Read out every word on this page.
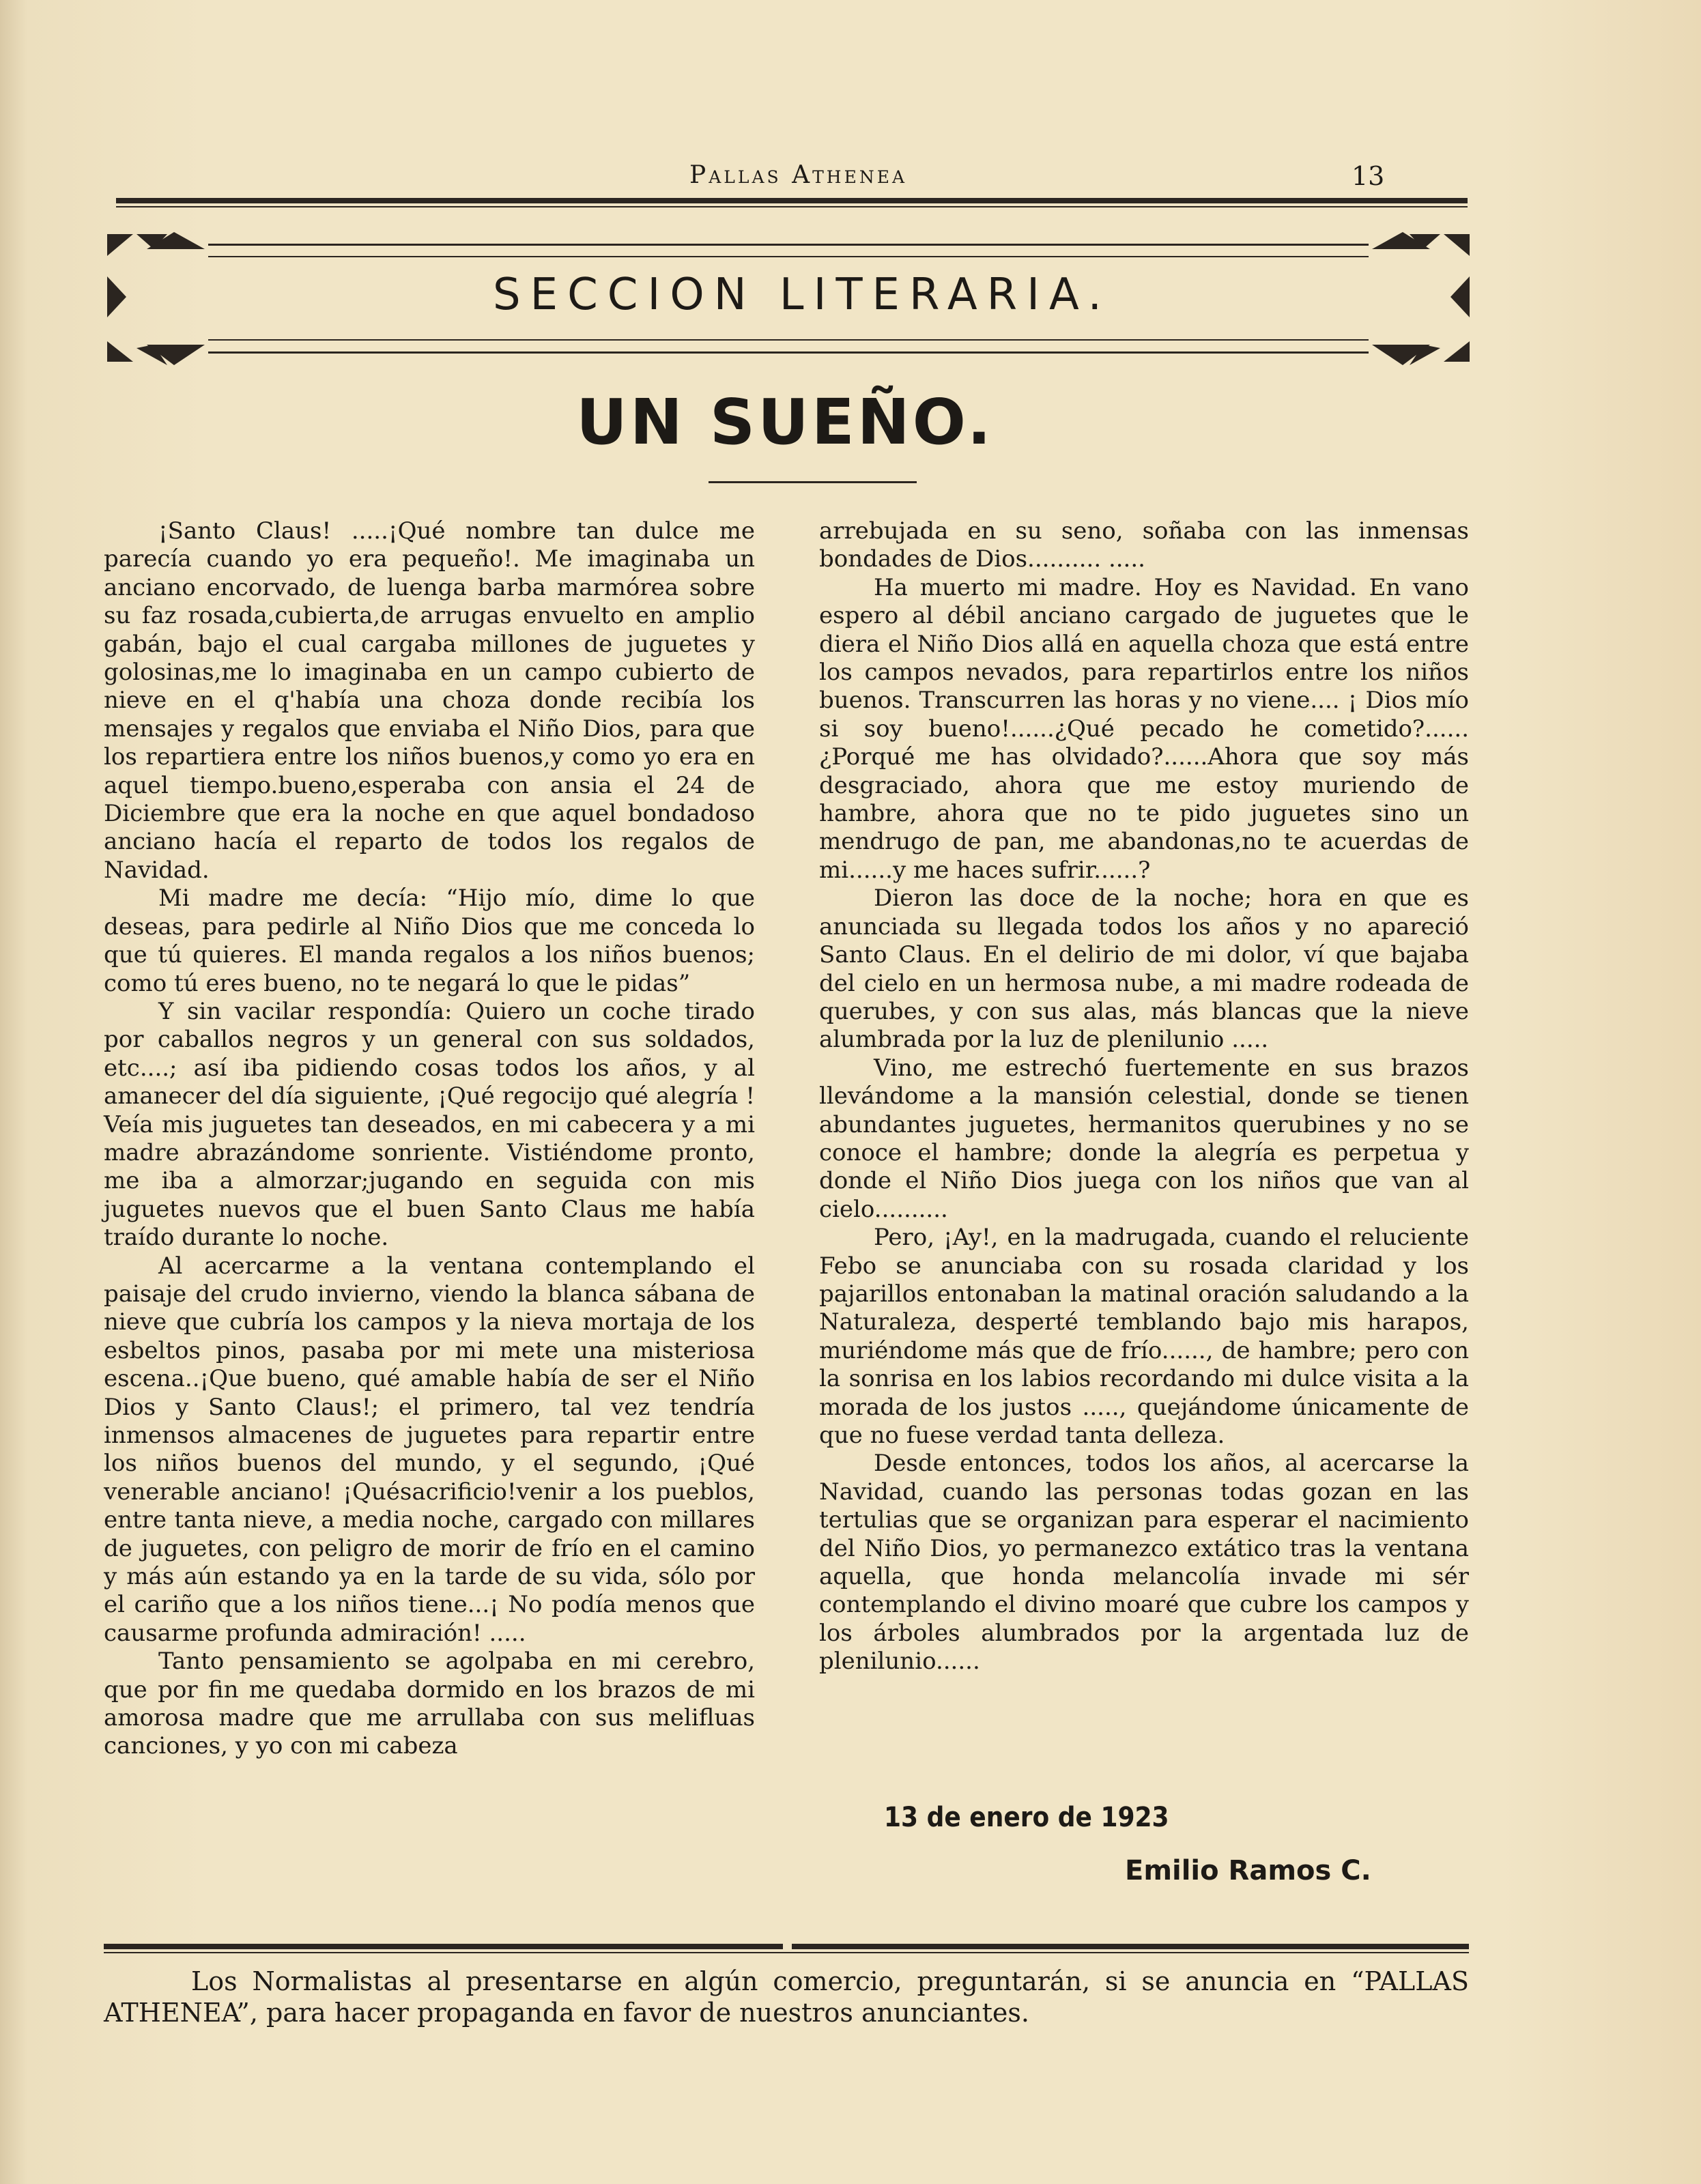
Pallas Athenea	13
SECCION LITERARIA.
UN SUEÑO.

¡Santo Claus! .....¡Qué nombre tan dulce me parecía cuando yo era pequeño!. Me imaginaba un anciano encorvado, de luenga barba marmórea sobre su faz rosada,cubierta,de arrugas envuelto en amplio gabán, bajo el cual cargaba millones de juguetes y golosinas,me lo imaginaba en un campo cubierto de nieve en el q'había una choza donde recibía los mensajes y regalos que enviaba el Niño Dios, para que los repartiera entre los niños buenos,y como yo era en aquel tiempo.bueno,esperaba con ansia el 24 de Diciembre que era la noche en que aquel bondadoso anciano hacía el reparto de todos los regalos de Navidad.

Mi madre me decía: “Hijo mío, dime lo que deseas, para pedirle al Niño Dios que me conceda lo que tú quieres. El manda regalos a los niños buenos; como tú eres bueno, no te negará lo que le pidas”

Y sin vacilar respondía: Quiero un coche tirado por caballos negros y un general con sus soldados, etc....; así iba pidiendo cosas todos los años, y al amanecer del día siguiente, ¡Qué regocijo qué alegría ! Veía mis juguetes tan deseados, en mi cabecera y a mi madre abrazándome sonriente. Vistiéndome pronto, me iba a almorzar;jugando en seguida con mis juguetes nuevos que el buen Santo Claus me había traído durante lo noche.

Al acercarme a la ventana contemplando el paisaje del crudo invierno, viendo la blanca sábana de nieve que cubría los campos y la nieva mortaja de los esbeltos pinos, pasaba por mi mete una misteriosa escena..¡Que bueno, qué amable había de ser el Niño Dios y Santo Claus!; el primero, tal vez tendría inmensos almacenes de juguetes para repartir entre los niños buenos del mundo, y el segundo, ¡Qué venerable anciano! ¡Quésacrificio!venir a los pueblos, entre tanta nieve, a media noche, cargado con millares de juguetes, con peligro de morir de frío en el camino y más aún estando ya en la tarde de su vida, sólo por el cariño que a los niños tiene...¡ No podía menos que causarme profunda admiración! .....

Tanto pensamiento se agolpaba en mi cerebro, que por fin me quedaba dormido en los brazos de mi amorosa madre que me arrullaba con sus melifluas canciones, y yo con mi cabeza

arrebujada en su seno, soñaba con las inmensas bondades de Dios.......... .....

Ha muerto mi madre. Hoy es Navidad. En vano espero al débil anciano cargado de juguetes que le diera el Niño Dios allá en aquella choza que está entre los campos nevados, para repartirlos entre los niños buenos. Transcurren las horas y no viene.... ¡ Dios mío si soy bueno!......¿Qué pecado he cometido?...... ¿Porqué me has olvidado?......Ahora que soy más desgraciado, ahora que me estoy muriendo de hambre, ahora que no te pido juguetes sino un mendrugo de pan, me abandonas,no te acuerdas de mi......y me haces sufrir......?

Dieron las doce de la noche; hora en que es anunciada su llegada todos los años y no apareció Santo Claus. En el delirio de mi dolor, ví que bajaba del cielo en un hermosa nube, a mi madre rodeada de querubes, y con sus alas, más blancas que la nieve alumbrada por la luz de plenilunio .....

Vino, me estrechó fuertemente en sus brazos llevándome a la mansión celestial, donde se tienen abundantes juguetes, hermanitos querubines y no se conoce el hambre; donde la alegría es perpetua y donde el Niño Dios juega con los niños que van al cielo..........

Pero, ¡Ay!, en la madrugada, cuando el reluciente Febo se anunciaba con su rosada claridad y los pajarillos entonaban la matinal oración saludando a la Naturaleza, desperté temblando bajo mis harapos, muriéndome más que de frío......, de hambre; pero con la sonrisa en los labios recordando mi dulce visita a la morada de los justos ....., quejándome únicamente de que no fuese verdad tanta delleza.

Desde entonces, todos los años, al acercarse la Navidad, cuando las personas todas gozan en las tertulias que se organizan para esperar el nacimiento del Niño Dios, yo permanezco extático tras la ventana aquella, que honda melancolía invade mi sér contemplando el divino moaré que cubre los campos y los árboles alumbrados por la argentada luz de plenilunio......

13 de enero de 1923
Emilio Ramos C.

Los Normalistas al presentarse en algún comercio, preguntarán, si se anuncia en “PALLAS ATHENEA”, para hacer propaganda en favor de nuestros anunciantes.
